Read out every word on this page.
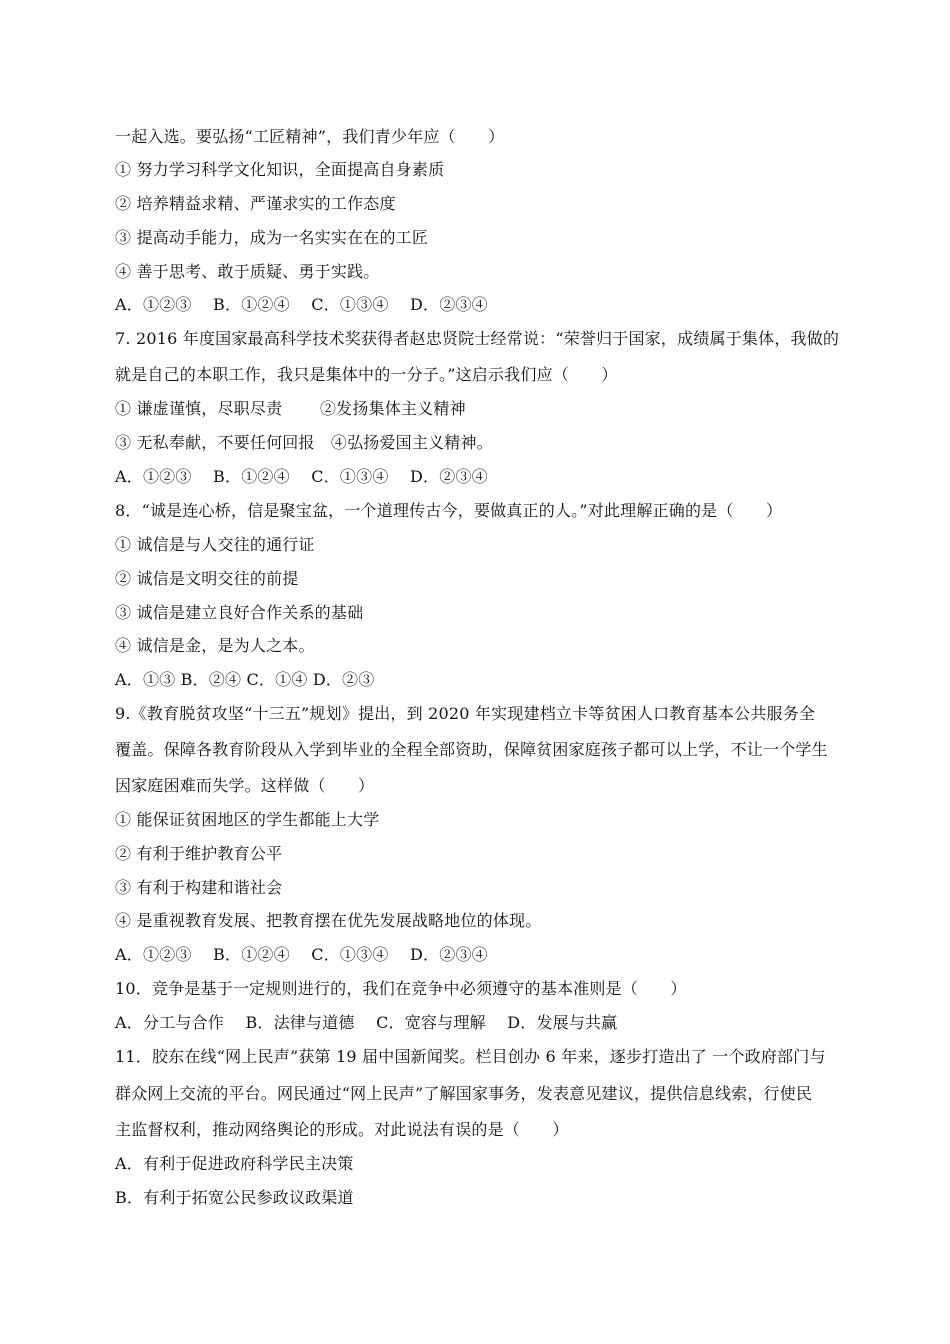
一起入选。要弘扬“工匠精神”，我们青少年应（　　）
① 努力学习科学文化知识，全面提高自身素质
② 培养精益求精、严谨求实的工作态度
③ 提高动手能力，成为一名实实在在的工匠
④ 善于思考、敢于质疑、勇于实践。
A．①②③　 B．①②④　 C．①③④　 D．②③④
7. 2016 年度国家最高科学技术奖获得者赵忠贤院士经常说：“荣誉归于国家，成绩属于集体，我做的
就是自己的本职工作，我只是集体中的一分子。”这启示我们应（　　）
① 谦虚谨慎，尽职尽责　　 ②发扬集体主义精神
③ 无私奉献，不要任何回报　④弘扬爱国主义精神。
A．①②③　 B．①②④　 C．①③④　 D．②③④
8．“诚是连心桥，信是聚宝盆，一个道理传古今，要做真正的人。”对此理解正确的是（　　）
① 诚信是与人交往的通行证
② 诚信是文明交往的前提
③ 诚信是建立良好合作关系的基础
④ 诚信是金，是为人之本。
A．①③ B．②④ C．①④ D．②③
9.《教育脱贫攻坚“十三五”规划》提出，到 2020 年实现建档立卡等贫困人口教育基本公共服务全
覆盖。保障各教育阶段从入学到毕业的全程全部资助，保障贫困家庭孩子都可以上学，不让一个学生
因家庭困难而失学。这样做（　　）
① 能保证贫困地区的学生都能上大学
② 有利于维护教育公平
③ 有利于构建和谐社会
④ 是重视教育发展、把教育摆在优先发展战略地位的体现。
A．①②③　 B．①②④　 C．①③④　 D．②③④
10．竞争是基于一定规则进行的，我们在竞争中必须遵守的基本准则是（　　）
A．分工与合作　 B．法律与道德　 C．宽容与理解　 D．发展与共赢
11．胶东在线“网上民声”获第 19 届中国新闻奖。栏目创办 6 年来，逐步打造出了 一个政府部门与
群众网上交流的平台。网民通过“网上民声”了解国家事务，发表意见建议，提供信息线索，行使民
主监督权利，推动网络舆论的形成。对此说法有误的是（　　）
A．有利于促进政府科学民主决策
B．有利于拓宽公民参政议政渠道
